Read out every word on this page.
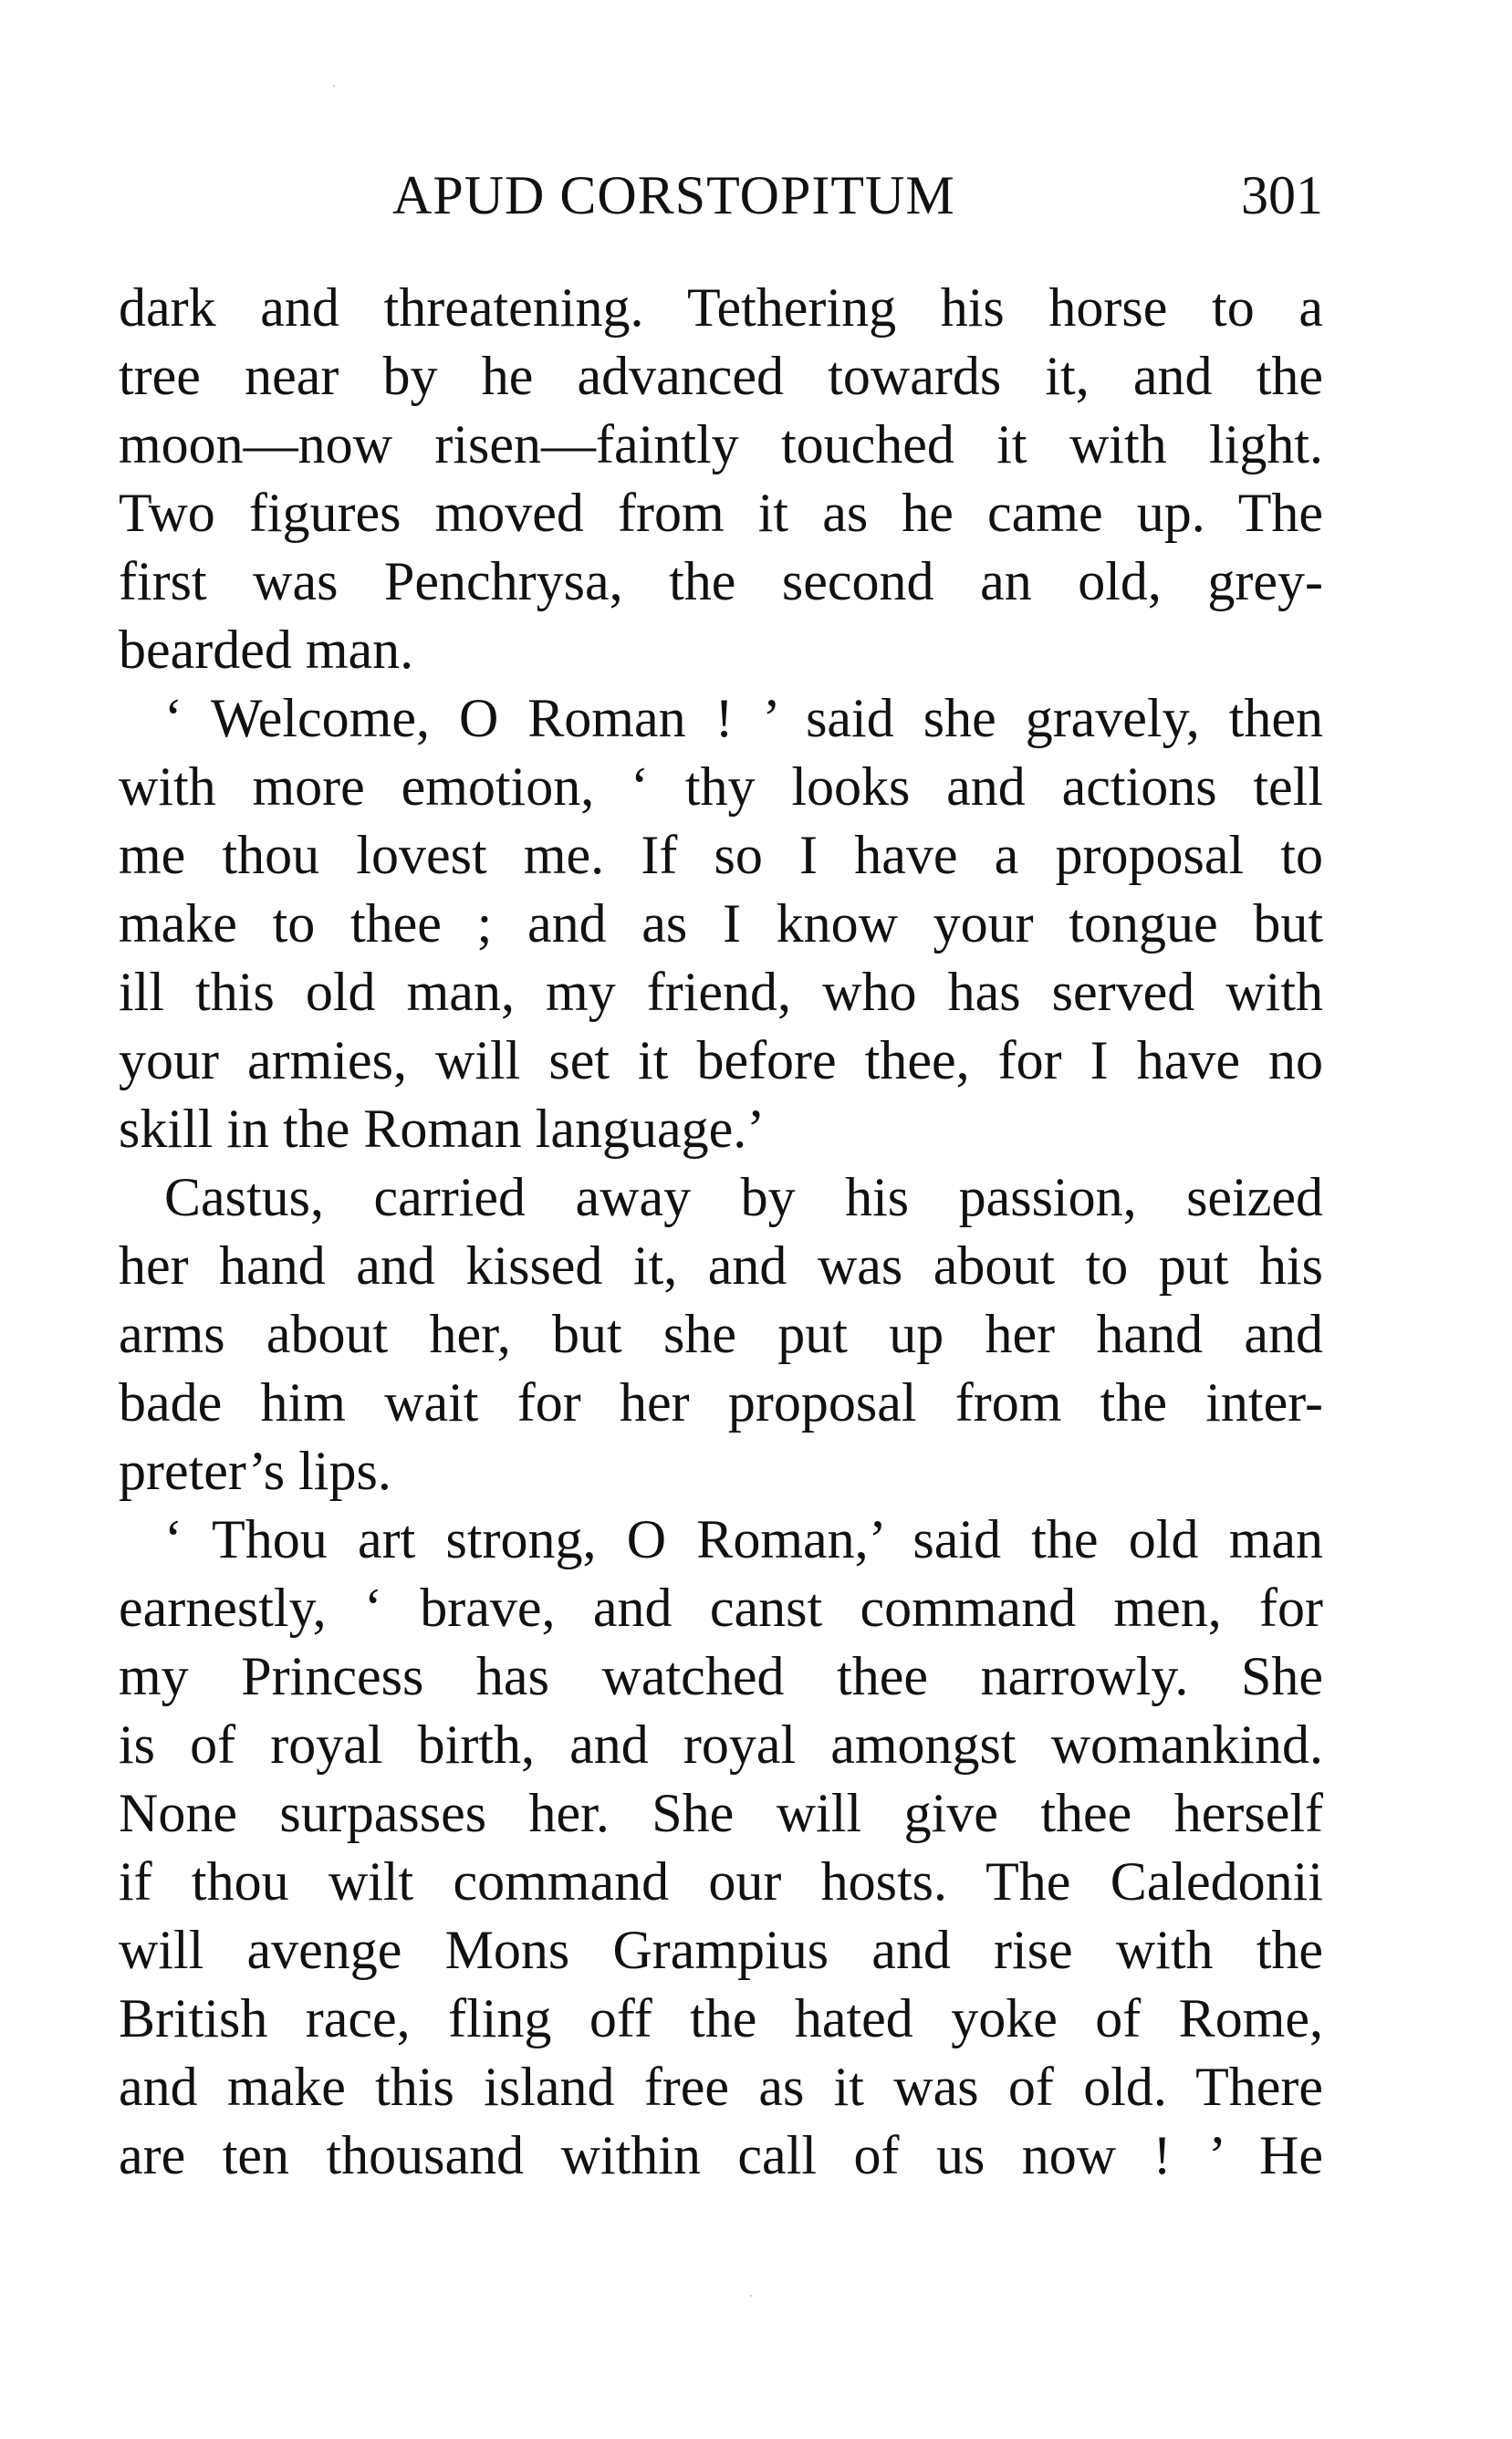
APUD CORSTOPITUM	301
dark and threatening. Tethering his horse to a
tree near by he advanced towards it, and the
moon—now risen—faintly touched it with light.
Two figures moved from it as he came up. The
first was Penchrysa, the second an old, grey-
bearded man.
‘ Welcome, O Roman ! ’ said she gravely, then
with more emotion, ‘ thy looks and actions tell
me thou lovest me. If so I have a proposal to
make to thee ; and as I know your tongue but
ill this old man, my friend, who has served with
your armies, will set it before thee, for I have no
skill in the Roman language.’
Castus, carried away by his passion, seized
her hand and kissed it, and was about to put his
arms about her, but she put up her hand and
bade him wait for her proposal from the inter-
preter’s lips.
‘ Thou art strong, O Roman,’ said the old man
earnestly, ‘ brave, and canst command men, for
my Princess has watched thee narrowly. She
is of royal birth, and royal amongst womankind.
None surpasses her. She will give thee herself
if thou wilt command our hosts. The Caledonii
will avenge Mons Grampius and rise with the
British race, fling off the hated yoke of Rome,
and make this island free as it was of old. There
are ten thousand within call of us now ! ’ He
